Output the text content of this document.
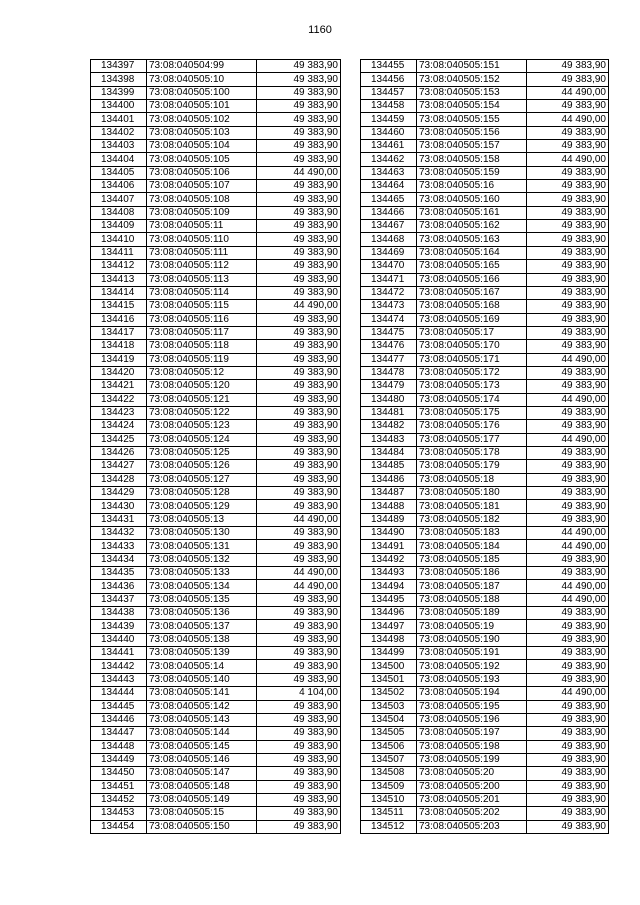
1160
134397	73:08:040504:99	49 383,90
134398	73:08:040505:10	49 383,90
134399	73:08:040505:100	49 383,90
134400	73:08:040505:101	49 383,90
134401	73:08:040505:102	49 383,90
134402	73:08:040505:103	49 383,90
134403	73:08:040505:104	49 383,90
134404	73:08:040505:105	49 383,90
134405	73:08:040505:106	44 490,00
134406	73:08:040505:107	49 383,90
134407	73:08:040505:108	49 383,90
134408	73:08:040505:109	49 383,90
134409	73:08:040505:11	49 383,90
134410	73:08:040505:110	49 383,90
134411	73:08:040505:111	49 383,90
134412	73:08:040505:112	49 383,90
134413	73:08:040505:113	49 383,90
134414	73:08:040505:114	49 383,90
134415	73:08:040505:115	44 490,00
134416	73:08:040505:116	49 383,90
134417	73:08:040505:117	49 383,90
134418	73:08:040505:118	49 383,90
134419	73:08:040505:119	49 383,90
134420	73:08:040505:12	49 383,90
134421	73:08:040505:120	49 383,90
134422	73:08:040505:121	49 383,90
134423	73:08:040505:122	49 383,90
134424	73:08:040505:123	49 383,90
134425	73:08:040505:124	49 383,90
134426	73:08:040505:125	49 383,90
134427	73:08:040505:126	49 383,90
134428	73:08:040505:127	49 383,90
134429	73:08:040505:128	49 383,90
134430	73:08:040505:129	49 383,90
134431	73:08:040505:13	44 490,00
134432	73:08:040505:130	49 383,90
134433	73:08:040505:131	49 383,90
134434	73:08:040505:132	49 383,90
134435	73:08:040505:133	44 490,00
134436	73:08:040505:134	44 490,00
134437	73:08:040505:135	49 383,90
134438	73:08:040505:136	49 383,90
134439	73:08:040505:137	49 383,90
134440	73:08:040505:138	49 383,90
134441	73:08:040505:139	49 383,90
134442	73:08:040505:14	49 383,90
134443	73:08:040505:140	49 383,90
134444	73:08:040505:141	4 104,00
134445	73:08:040505:142	49 383,90
134446	73:08:040505:143	49 383,90
134447	73:08:040505:144	49 383,90
134448	73:08:040505:145	49 383,90
134449	73:08:040505:146	49 383,90
134450	73:08:040505:147	49 383,90
134451	73:08:040505:148	49 383,90
134452	73:08:040505:149	49 383,90
134453	73:08:040505:15	49 383,90
134454	73:08:040505:150	49 383,90
134455	73:08:040505:151	49 383,90
134456	73:08:040505:152	49 383,90
134457	73:08:040505:153	44 490,00
134458	73:08:040505:154	49 383,90
134459	73:08:040505:155	44 490,00
134460	73:08:040505:156	49 383,90
134461	73:08:040505:157	49 383,90
134462	73:08:040505:158	44 490,00
134463	73:08:040505:159	49 383,90
134464	73:08:040505:16	49 383,90
134465	73:08:040505:160	49 383,90
134466	73:08:040505:161	49 383,90
134467	73:08:040505:162	49 383,90
134468	73:08:040505:163	49 383,90
134469	73:08:040505:164	49 383,90
134470	73:08:040505:165	49 383,90
134471	73:08:040505:166	49 383,90
134472	73:08:040505:167	49 383,90
134473	73:08:040505:168	49 383,90
134474	73:08:040505:169	49 383,90
134475	73:08:040505:17	49 383,90
134476	73:08:040505:170	49 383,90
134477	73:08:040505:171	44 490,00
134478	73:08:040505:172	49 383,90
134479	73:08:040505:173	49 383,90
134480	73:08:040505:174	44 490,00
134481	73:08:040505:175	49 383,90
134482	73:08:040505:176	49 383,90
134483	73:08:040505:177	44 490,00
134484	73:08:040505:178	49 383,90
134485	73:08:040505:179	49 383,90
134486	73:08:040505:18	49 383,90
134487	73:08:040505:180	49 383,90
134488	73:08:040505:181	49 383,90
134489	73:08:040505:182	49 383,90
134490	73:08:040505:183	44 490,00
134491	73:08:040505:184	44 490,00
134492	73:08:040505:185	49 383,90
134493	73:08:040505:186	49 383,90
134494	73:08:040505:187	44 490,00
134495	73:08:040505:188	44 490,00
134496	73:08:040505:189	49 383,90
134497	73:08:040505:19	49 383,90
134498	73:08:040505:190	49 383,90
134499	73:08:040505:191	49 383,90
134500	73:08:040505:192	49 383,90
134501	73:08:040505:193	49 383,90
134502	73:08:040505:194	44 490,00
134503	73:08:040505:195	49 383,90
134504	73:08:040505:196	49 383,90
134505	73:08:040505:197	49 383,90
134506	73:08:040505:198	49 383,90
134507	73:08:040505:199	49 383,90
134508	73:08:040505:20	49 383,90
134509	73:08:040505:200	49 383,90
134510	73:08:040505:201	49 383,90
134511	73:08:040505:202	49 383,90
134512	73:08:040505:203	49 383,90
